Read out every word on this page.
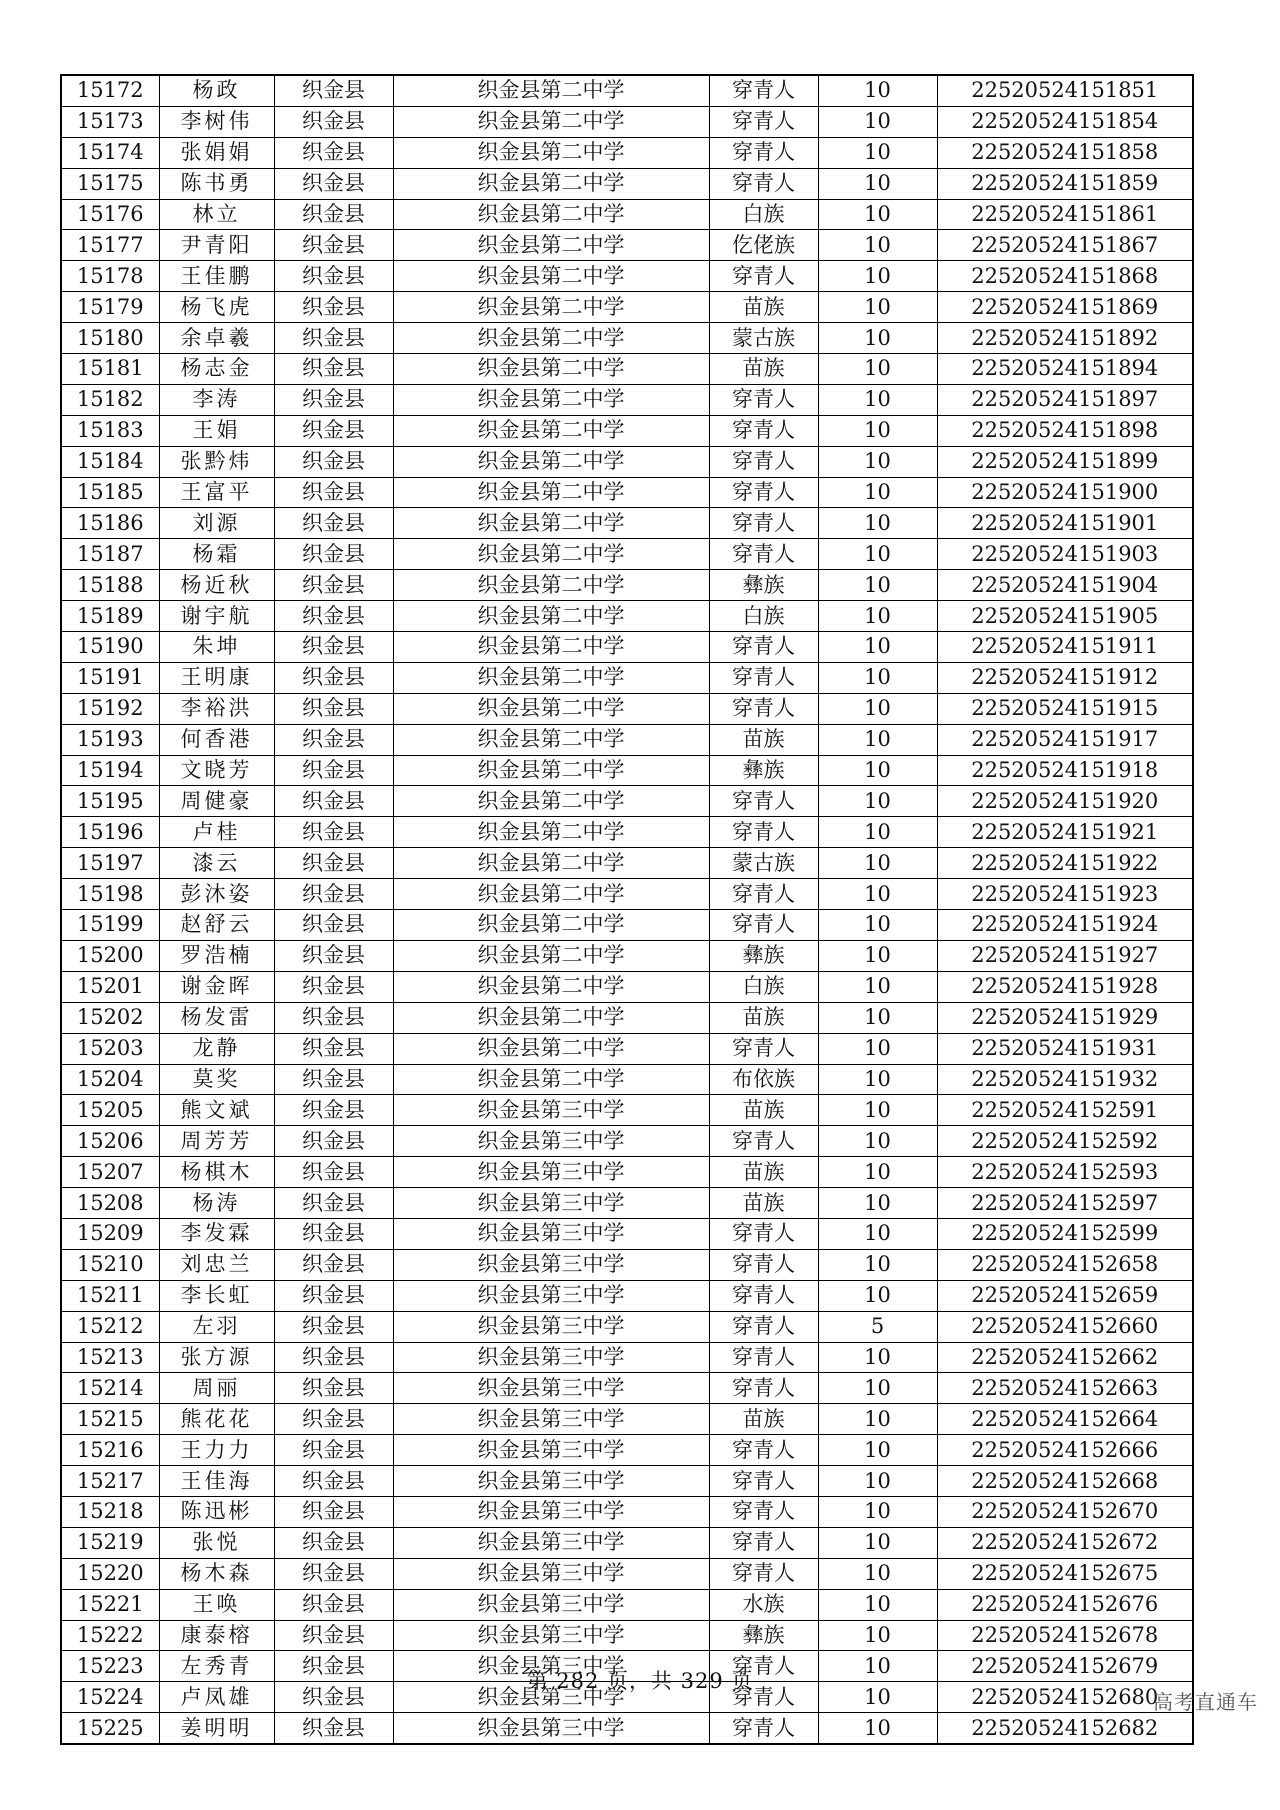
15172	杨政	织金县	织金县第二中学	穿青人	10	22520524151851
15173	李树伟	织金县	织金县第二中学	穿青人	10	22520524151854
15174	张娟娟	织金县	织金县第二中学	穿青人	10	22520524151858
15175	陈书勇	织金县	织金县第二中学	穿青人	10	22520524151859
15176	林立	织金县	织金县第二中学	白族	10	22520524151861
15177	尹青阳	织金县	织金县第二中学	仡佬族	10	22520524151867
15178	王佳鹏	织金县	织金县第二中学	穿青人	10	22520524151868
15179	杨飞虎	织金县	织金县第二中学	苗族	10	22520524151869
15180	余卓羲	织金县	织金县第二中学	蒙古族	10	22520524151892
15181	杨志金	织金县	织金县第二中学	苗族	10	22520524151894
15182	李涛	织金县	织金县第二中学	穿青人	10	22520524151897
15183	王娟	织金县	织金县第二中学	穿青人	10	22520524151898
15184	张黔炜	织金县	织金县第二中学	穿青人	10	22520524151899
15185	王富平	织金县	织金县第二中学	穿青人	10	22520524151900
15186	刘源	织金县	织金县第二中学	穿青人	10	22520524151901
15187	杨霜	织金县	织金县第二中学	穿青人	10	22520524151903
15188	杨近秋	织金县	织金县第二中学	彝族	10	22520524151904
15189	谢宇航	织金县	织金县第二中学	白族	10	22520524151905
15190	朱坤	织金县	织金县第二中学	穿青人	10	22520524151911
15191	王明康	织金县	织金县第二中学	穿青人	10	22520524151912
15192	李裕洪	织金县	织金县第二中学	穿青人	10	22520524151915
15193	何香港	织金县	织金县第二中学	苗族	10	22520524151917
15194	文晓芳	织金县	织金县第二中学	彝族	10	22520524151918
15195	周健豪	织金县	织金县第二中学	穿青人	10	22520524151920
15196	卢桂	织金县	织金县第二中学	穿青人	10	22520524151921
15197	漆云	织金县	织金县第二中学	蒙古族	10	22520524151922
15198	彭沐姿	织金县	织金县第二中学	穿青人	10	22520524151923
15199	赵舒云	织金县	织金县第二中学	穿青人	10	22520524151924
15200	罗浩楠	织金县	织金县第二中学	彝族	10	22520524151927
15201	谢金晖	织金县	织金县第二中学	白族	10	22520524151928
15202	杨发雷	织金县	织金县第二中学	苗族	10	22520524151929
15203	龙静	织金县	织金县第二中学	穿青人	10	22520524151931
15204	莫奖	织金县	织金县第二中学	布依族	10	22520524151932
15205	熊文斌	织金县	织金县第三中学	苗族	10	22520524152591
15206	周芳芳	织金县	织金县第三中学	穿青人	10	22520524152592
15207	杨棋木	织金县	织金县第三中学	苗族	10	22520524152593
15208	杨涛	织金县	织金县第三中学	苗族	10	22520524152597
15209	李发霖	织金县	织金县第三中学	穿青人	10	22520524152599
15210	刘忠兰	织金县	织金县第三中学	穿青人	10	22520524152658
15211	李长虹	织金县	织金县第三中学	穿青人	10	22520524152659
15212	左羽	织金县	织金县第三中学	穿青人	5	22520524152660
15213	张方源	织金县	织金县第三中学	穿青人	10	22520524152662
15214	周丽	织金县	织金县第三中学	穿青人	10	22520524152663
15215	熊花花	织金县	织金县第三中学	苗族	10	22520524152664
15216	王力力	织金县	织金县第三中学	穿青人	10	22520524152666
15217	王佳海	织金县	织金县第三中学	穿青人	10	22520524152668
15218	陈迅彬	织金县	织金县第三中学	穿青人	10	22520524152670
15219	张悦	织金县	织金县第三中学	穿青人	10	22520524152672
15220	杨木森	织金县	织金县第三中学	穿青人	10	22520524152675
15221	王唤	织金县	织金县第三中学	水族	10	22520524152676
15222	康泰榕	织金县	织金县第三中学	彝族	10	22520524152678
15223	左秀青	织金县	织金县第三中学	穿青人	10	22520524152679
15224	卢凤雄	织金县	织金县第三中学	穿青人	10	22520524152680
15225	姜明明	织金县	织金县第三中学	穿青人	10	22520524152682
第 282 页，共 329 页
高考直通车
